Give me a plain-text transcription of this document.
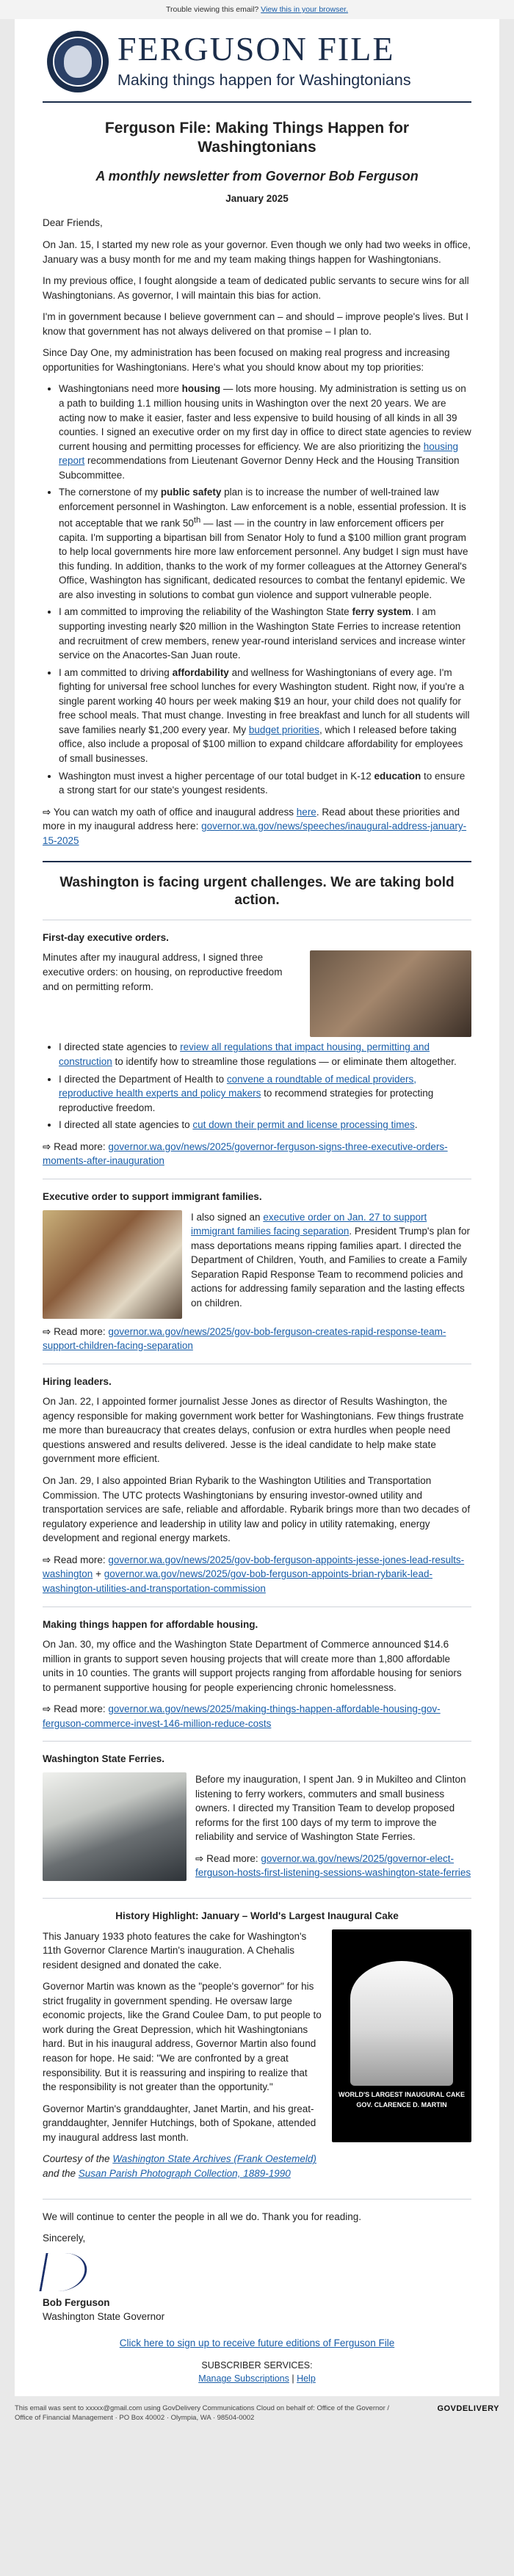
Trouble viewing this email? View this in your browser.
FERGUSON FILE
Making things happen for Washingtonians
Ferguson File: Making Things Happen for Washingtonians
A monthly newsletter from Governor Bob Ferguson
January 2025

Dear Friends,

On Jan. 15, I started my new role as your governor. Even though we only had two weeks in office, January was a busy month for me and my team making things happen for Washingtonians.

In my previous office, I fought alongside a team of dedicated public servants to secure wins for all Washingtonians. As governor, I will maintain this bias for action.

I'm in government because I believe government can – and should – improve people's lives. But I know that government has not always delivered on that promise – I plan to.

Since Day One, my administration has been focused on making real progress and increasing opportunities for Washingtonians. Here's what you should know about my top priorities:

• Washingtonians need more housing — lots more housing. My administration is setting us on a path to building 1.1 million housing units in Washington over the next 20 years. We are acting now to make it easier, faster and less expensive to build housing of all kinds in all 39 counties. I signed an executive order on my first day in office to direct state agencies to review current housing and permitting processes for efficiency. We are also prioritizing the housing report recommendations from Lieutenant Governor Denny Heck and the Housing Transition Subcommittee.
• The cornerstone of my public safety plan is to increase the number of well-trained law enforcement personnel in Washington. Law enforcement is a noble, essential profession. It is not acceptable that we rank 50th — last — in the country in law enforcement officers per capita. I'm supporting a bipartisan bill from Senator Holy to fund a $100 million grant program to help local governments hire more law enforcement personnel. Any budget I sign must have this funding. In addition, thanks to the work of my former colleagues at the Attorney General's Office, Washington has significant, dedicated resources to combat the fentanyl epidemic. We are also investing in solutions to combat gun violence and support vulnerable people.
• I am committed to improving the reliability of the Washington State ferry system. I am supporting investing nearly $20 million in the Washington State Ferries to increase retention and recruitment of crew members, renew year-round interisland services and increase winter service on the Anacortes-San Juan route.
• I am committed to driving affordability and wellness for Washingtonians of every age. I'm fighting for universal free school lunches for every Washington student. Right now, if you're a single parent working 40 hours per week making $19 an hour, your child does not qualify for free school meals. That must change. Investing in free breakfast and lunch for all students will save families nearly $1,200 every year. My budget priorities, which I released before taking office, also include a proposal of $100 million to expand childcare affordability for employees of small businesses.
• Washington must invest a higher percentage of our total budget in K-12 education to ensure a strong start for our state's youngest residents.

⇨ You can watch my oath of office and inaugural address here. Read about these priorities and more in my inaugural address here: governor.wa.gov/news/speeches/inaugural-address-january-15-2025

Washington is facing urgent challenges. We are taking bold action.
First-day executive orders.

Minutes after my inaugural address, I signed three executive orders: on housing, on reproductive freedom and on permitting reform.

• I directed state agencies to review all regulations that impact housing, permitting and construction to identify how to streamline those regulations — or eliminate them altogether.
• I directed the Department of Health to convene a roundtable of medical providers, reproductive health experts and policy makers to recommend strategies for protecting reproductive freedom.
• I directed all state agencies to cut down their permit and license processing times.

⇨ Read more: governor.wa.gov/news/2025/governor-ferguson-signs-three-executive-orders-moments-after-inauguration

Executive order to support immigrant families.

I also signed an executive order on Jan. 27 to support immigrant families facing separation. President Trump's plan for mass deportations means ripping families apart. I directed the Department of Children, Youth, and Families to create a Family Separation Rapid Response Team to recommend policies and actions for addressing family separation and the lasting effects on children.

⇨ Read more: governor.wa.gov/news/2025/gov-bob-ferguson-creates-rapid-response-team-support-children-facing-separation

Hiring leaders.

On Jan. 22, I appointed former journalist Jesse Jones as director of Results Washington, the agency responsible for making government work better for Washingtonians. Few things frustrate me more than bureaucracy that creates delays, confusion or extra hurdles when people need questions answered and results delivered. Jesse is the ideal candidate to help make state government more efficient.

On Jan. 29, I also appointed Brian Rybarik to the Washington Utilities and Transportation Commission. The UTC protects Washingtonians by ensuring investor-owned utility and transportation services are safe, reliable and affordable. Rybarik brings more than two decades of regulatory experience and leadership in utility law and policy in utility ratemaking, energy development and regional energy markets.

⇨ Read more: governor.wa.gov/news/2025/gov-bob-ferguson-appoints-jesse-jones-lead-results-washington + governor.wa.gov/news/2025/gov-bob-ferguson-appoints-brian-rybarik-lead-washington-utilities-and-transportation-commission

Making things happen for affordable housing.

On Jan. 30, my office and the Washington State Department of Commerce announced $14.6 million in grants to support seven housing projects that will create more than 1,800 affordable units in 10 counties. The grants will support projects ranging from affordable housing for seniors to permanent supportive housing for people experiencing chronic homelessness.

⇨ Read more: governor.wa.gov/news/2025/making-things-happen-affordable-housing-gov-ferguson-commerce-invest-146-million-reduce-costs

Washington State Ferries.

Before my inauguration, I spent Jan. 9 in Mukilteo and Clinton listening to ferry workers, commuters and small business owners. I directed my Transition Team to develop proposed reforms for the first 100 days of my term to improve the reliability and service of Washington State Ferries.

⇨ Read more: governor.wa.gov/news/2025/governor-elect-ferguson-hosts-first-listening-sessions-washington-state-ferries

History Highlight: January – World's Largest Inaugural Cake

This January 1933 photo features the cake for Washington's 11th Governor Clarence Martin's inauguration. A Chehalis resident designed and donated the cake.

Governor Martin was known as the "people's governor" for his strict frugality in government spending. He oversaw large economic projects, like the Grand Coulee Dam, to put people to work during the Great Depression, which hit Washingtonians hard. But in his inaugural address, Governor Martin also found reason for hope. He said: "We are confronted by a great responsibility. But it is reassuring and inspiring to realize that the responsibility is not greater than the opportunity."

Governor Martin's granddaughter, Janet Martin, and his great-granddaughter, Jennifer Hutchings, both of Spokane, attended my inaugural address last month.

Courtesy of the Washington State Archives (Frank Oestemeld) and the Susan Parish Photograph Collection, 1889-1990

WORLD'S LARGEST INAUGURAL CAKE
GOV. CLARENCE D. MARTIN

We will continue to center the people in all we do. Thank you for reading.

Sincerely,

Bob Ferguson
Washington State Governor

Click here to sign up to receive future editions of Ferguson File

SUBSCRIBER SERVICES:
Manage Subscriptions | Help
This email was sent to xxxxx@gmail.com using GovDelivery Communications Cloud on behalf of: Office of the Governor / Office of Financial Management · PO Box 40002 · Olympia, WA · 98504-0002
GOVDELIVERY
